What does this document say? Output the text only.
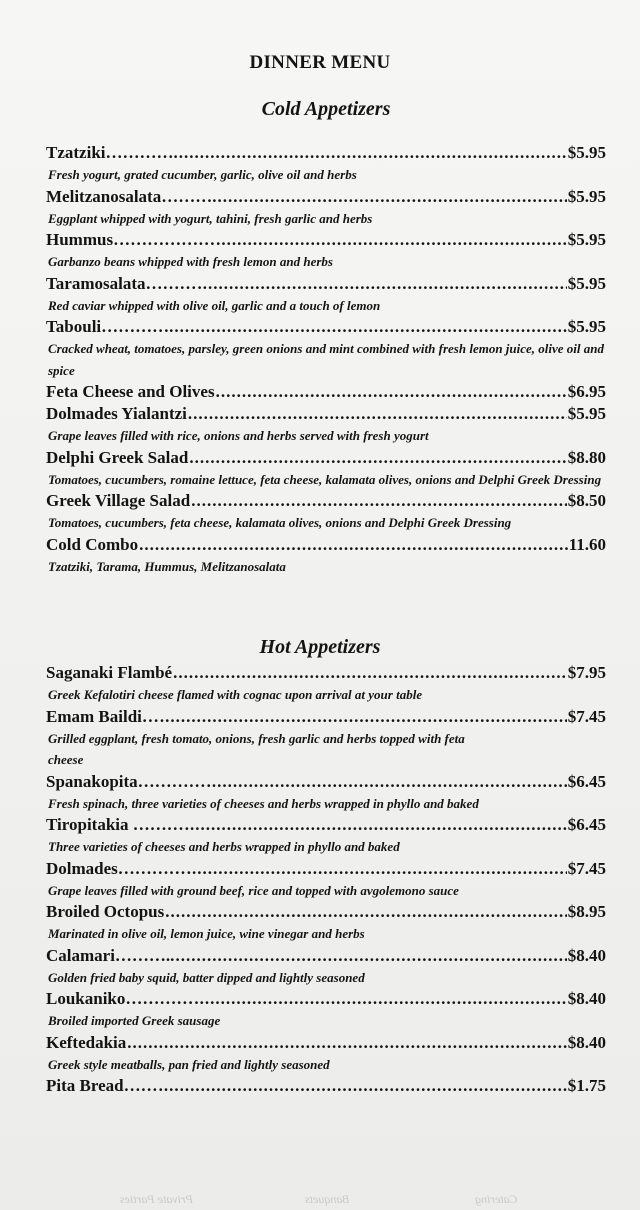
DINNER MENU
Cold Appetizers
Tzatziki…………. .....	$5.95
Fresh yogurt, grated cucumber, garlic, olive oil and herbs
Melitzanosalata………. .....	$5.95
Eggplant whipped with yogurt, tahini, fresh garlic and herbs
Hummus……………… .....	$5.95
Garbanzo beans whipped with fresh lemon and herbs
Taramosalata……… .....	$5.95
Red caviar whipped with olive oil, garlic and a touch of lemon
Tabouli…………. .....	$5.95
Cracked wheat, tomatoes, parsley, green onions and mint combined with fresh lemon juice, olive oil and spice
Feta Cheese and Olives .....	$6.95
Dolmades Yialantzi .....	$5.95
Grape leaves filled with rice, onions and herbs served with fresh yogurt
Delphi Greek Salad .....	$8.80
Tomatoes, cucumbers, romaine lettuce, feta cheese, kalamata olives, onions and Delphi Greek Dressing
Greek Village Salad .....	$8.50
Tomatoes, cucumbers, feta cheese, kalamata olives, onions and Delphi Greek Dressing
Cold Combo .....	11.60
Tzatziki, Tarama, Hummus, Melitzanosalata
Hot Appetizers
Saganaki Flambé .....	$7.95
Greek Kefalotiri cheese flamed with cognac upon arrival at your table
Emam Baildi… .....	$7.45
Grilled eggplant, fresh tomato, onions, fresh garlic and herbs topped with feta cheese
Spanakopita………… .....	$6.45
Fresh spinach, three varieties of cheeses and herbs wrapped in phyllo and baked
Tiropitakia ……… .....	$6.45
Three varieties of cheeses and herbs wrapped in phyllo and baked
Dolmades………… .....	$7.45
Grape leaves filled with ground beef, rice and topped with avgolemono sauce
Broiled Octopus .....	$8.95
Marinated in olive oil, lemon juice, wine vinegar and herbs
Calamari……….. .....	$8.40
Golden fried baby squid, batter dipped and lightly seasoned
Loukaniko………… .....	$8.40
Broiled imported Greek sausage
Keftedakia .....	$8.40
Greek style meatballs, pan fried and lightly seasoned
Pita Bread…… .....	$1.75
Private Parties	Banquets	Catering
